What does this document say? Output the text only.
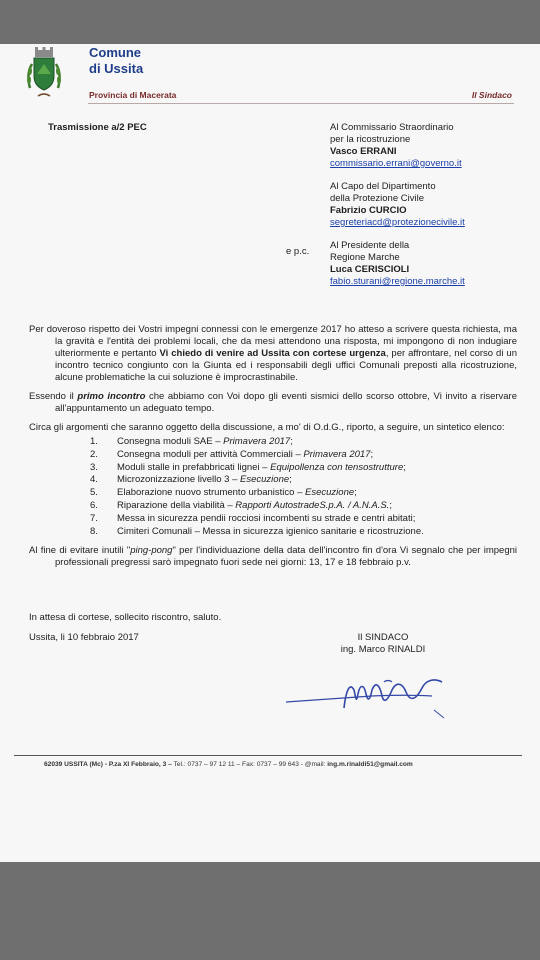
Comune
di Ussita
Provincia di Macerata	Il Sindaco
Trasmissione a/2 PEC	Al Commissario Straordinario
per la ricostruzione
Vasco ERRANI
commissario.errani@governo.it
Al Capo del Dipartimento
della Protezione Civile
Fabrizio CURCIO
segreteriacd@protezionecivile.it
Al Presidente della
Regione Marche
Luca CERISCIOLI
fabio.sturani@regione.marche.it
e p.c.

Per doveroso rispetto dei Vostri impegni connessi con le emergenze 2017 ho atteso a scrivere questa richiesta, ma la gravità e l'entità dei problemi locali, che da mesi attendono una risposta, mi impongono di non indugiare ulteriormente e pertanto Vi chiedo di venire ad Ussita con cortese urgenza, per affrontare, nel corso di un incontro tecnico congiunto con la Giunta ed i responsabili degli uffici Comunali preposti alla ricostruzione, alcune problematiche la cui soluzione è improcrastinabile.

Essendo il primo incontro che abbiamo con Voi dopo gli eventi sismici dello scorso ottobre, Vi invito a riservare all'appuntamento un adeguato tempo.

Circa gli argomenti che saranno oggetto della discussione, a mo' di O.d.G., riporto, a seguire, un sintetico elenco:

1. Consegna moduli SAE – Primavera 2017;
2. Consegna moduli per attività Commerciali – Primavera 2017;
3. Moduli stalle in prefabbricati lignei – Equipollenza con tensostrutture;
4. Microzonizzazione livello 3 – Esecuzione;
5. Elaborazione nuovo strumento urbanistico – Esecuzione;
6. Riparazione della viabilità – Rapporti AutostradeS.p.A. / A.N.A.S.;
7. Messa in sicurezza pendii rocciosi incombenti su strade e centri abitati;
8. Cimiteri Comunali – Messa in sicurezza igienico sanitarie e ricostruzione.

Al fine di evitare inutili "ping-pong" per l'individuazione della data dell'incontro fin d'ora Vi segnalo che per impegni professionali pregressi sarò impegnato fuori sede nei giorni: 13, 17 e 18 febbraio p.v.

In attesa di cortese, sollecito riscontro, saluto.
Ussita, li 10 febbraio 2017	Il SINDACO
ing. Marco RINALDI
62039 USSITA (Mc) - P.za XI Febbraio, 3 – Tel.: 0737 – 97 12 11 – Fax: 0737 – 99 643 - @mail: ing.m.rinaldi51@gmail.com
